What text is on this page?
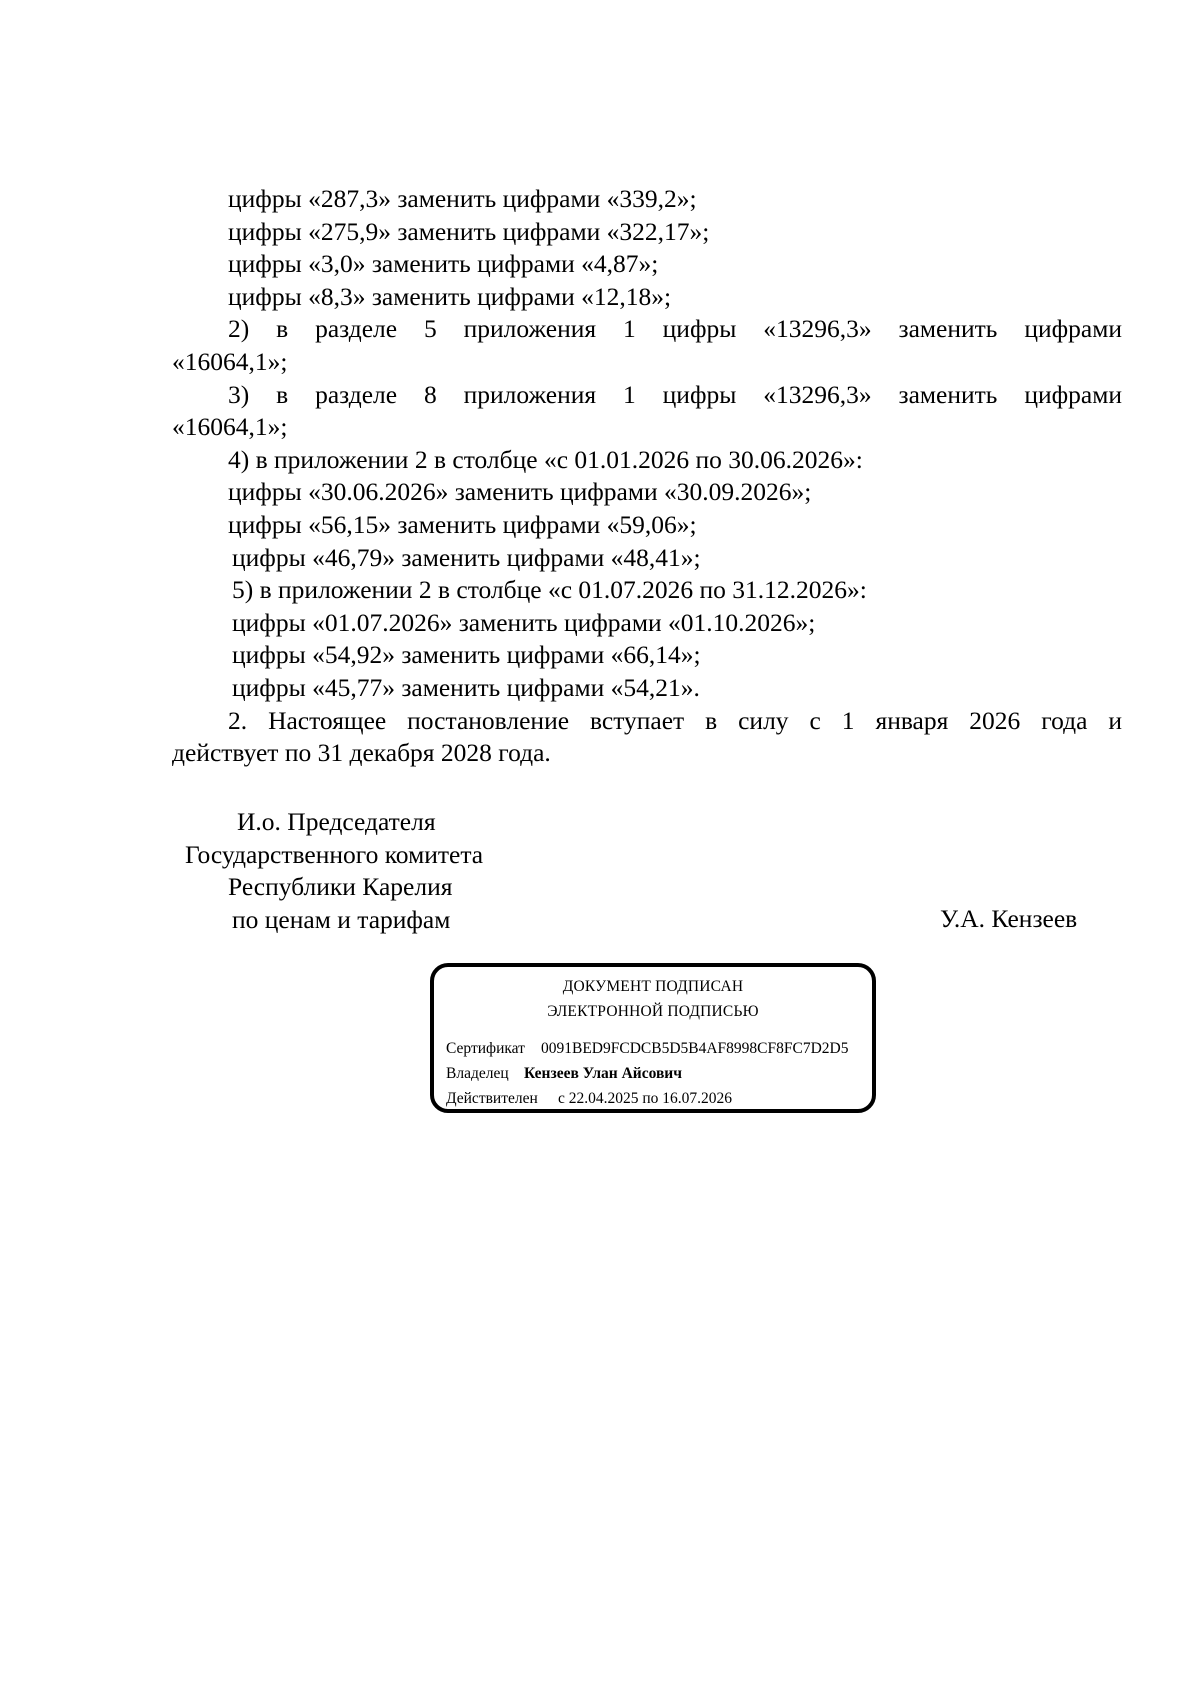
цифры «287,3» заменить цифрами «339,2»;
цифры «275,9» заменить цифрами «322,17»;
цифры «3,0» заменить цифрами «4,87»;
цифры «8,3» заменить цифрами «12,18»;
2) в разделе 5 приложения 1 цифры «13296,3» заменить цифрами
«16064,1»;
3) в разделе 8 приложения 1 цифры «13296,3» заменить цифрами
«16064,1»;
4) в приложении 2 в столбце «с 01.01.2026 по 30.06.2026»:
цифры «30.06.2026» заменить цифрами «30.09.2026»;
цифры «56,15» заменить цифрами «59,06»;
цифры «46,79» заменить цифрами «48,41»;
5) в приложении 2 в столбце «с 01.07.2026 по 31.12.2026»:
цифры «01.07.2026» заменить цифрами «01.10.2026»;
цифры «54,92» заменить цифрами «66,14»;
цифры «45,77» заменить цифрами «54,21».
2. Настоящее постановление вступает в силу с 1 января 2026 года и
действует по 31 декабря 2028 года.
И.о. Председателя
Государственного комитета
Республики Карелия
по ценам и тарифам	У.А. Кензеев
ДОКУМЕНТ ПОДПИСАН
ЭЛЕКТРОННОЙ ПОДПИСЬЮ
Сертификат 0091BED9FCDCB5D5B4AF8998CF8FC7D2D5
Владелец Кензеев Улан Айсович
Действителен с 22.04.2025 по 16.07.2026
